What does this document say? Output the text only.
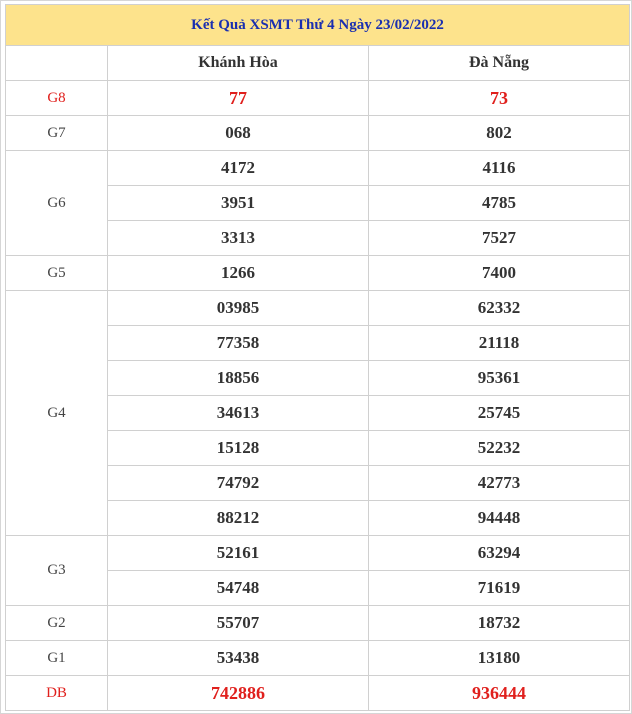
Kết Quả XSMT Thứ 4 Ngày 23/02/2022		
	Khánh Hòa	Đà Nẵng
G8	77	73
G7	068	802
G6	4172	4116
	3951	4785
	3313	7527
G5	1266	7400
G4	03985	62332
	77358	21118
	18856	95361
	34613	25745
	15128	52232
	74792	42773
	88212	94448
G3	52161	63294
	54748	71619
G2	55707	18732
G1	53438	13180
DB	742886	936444
